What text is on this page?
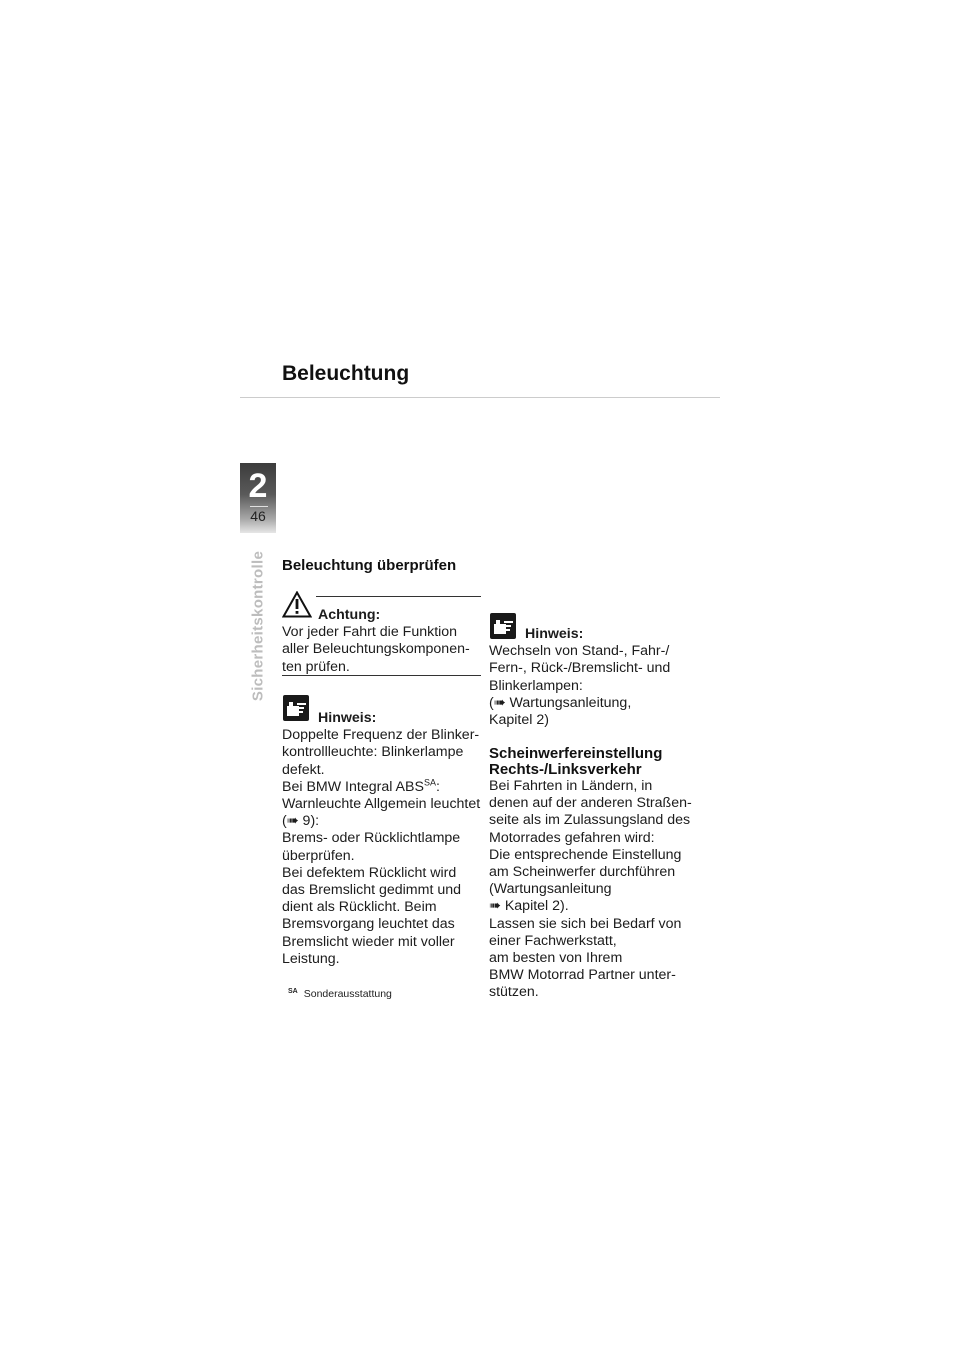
Beleuchtung
2
46
Sicherheitskontrolle Beleuchtung überprüfen

Achtung:

Vor jeder Fahrt die Funktion

aller Beleuchtungskomponen-

ten prüfen.

Hinweis:

Doppelte Frequenz der Blinker-

kontrollleuchte: Blinkerlampe

defekt.

Bei BMW Integral $ABS^{SA}$:

Warnleuchte Allgemein leuchtet

(➠ 9):

Brems- oder Rücklichtlampe

überprüfen.

Bei defektem Rücklicht wird

das Bremslicht gedimmt und

dient als Rücklicht. Beim

Bremsvorgang leuchtet das

Bremslicht wieder mit voller

Leistung.

$^{SA}$ Sonderausstattung

Hinweis:

Wechseln von Stand-, Fahr-/

Fern-, Rück-/Bremslicht- und

Blinkerlampen:

(➠ Wartungsanleitung,

Kapitel 2)

Scheinwerfereinstellung
Rechts-/Linksverkehr

Bei Fahrten in Ländern, in

denen auf der anderen Straßen-

seite als im Zulassungsland des

Motorrades gefahren wird:

Die entsprechende Einstellung

am Scheinwerfer durchführen

(Wartungsanleitung

➠ Kapitel 2).

Lassen sie sich bei Bedarf von

einer Fachwerkstatt,

am besten von Ihrem

BMW Motorrad Partner unter-

stützen.
